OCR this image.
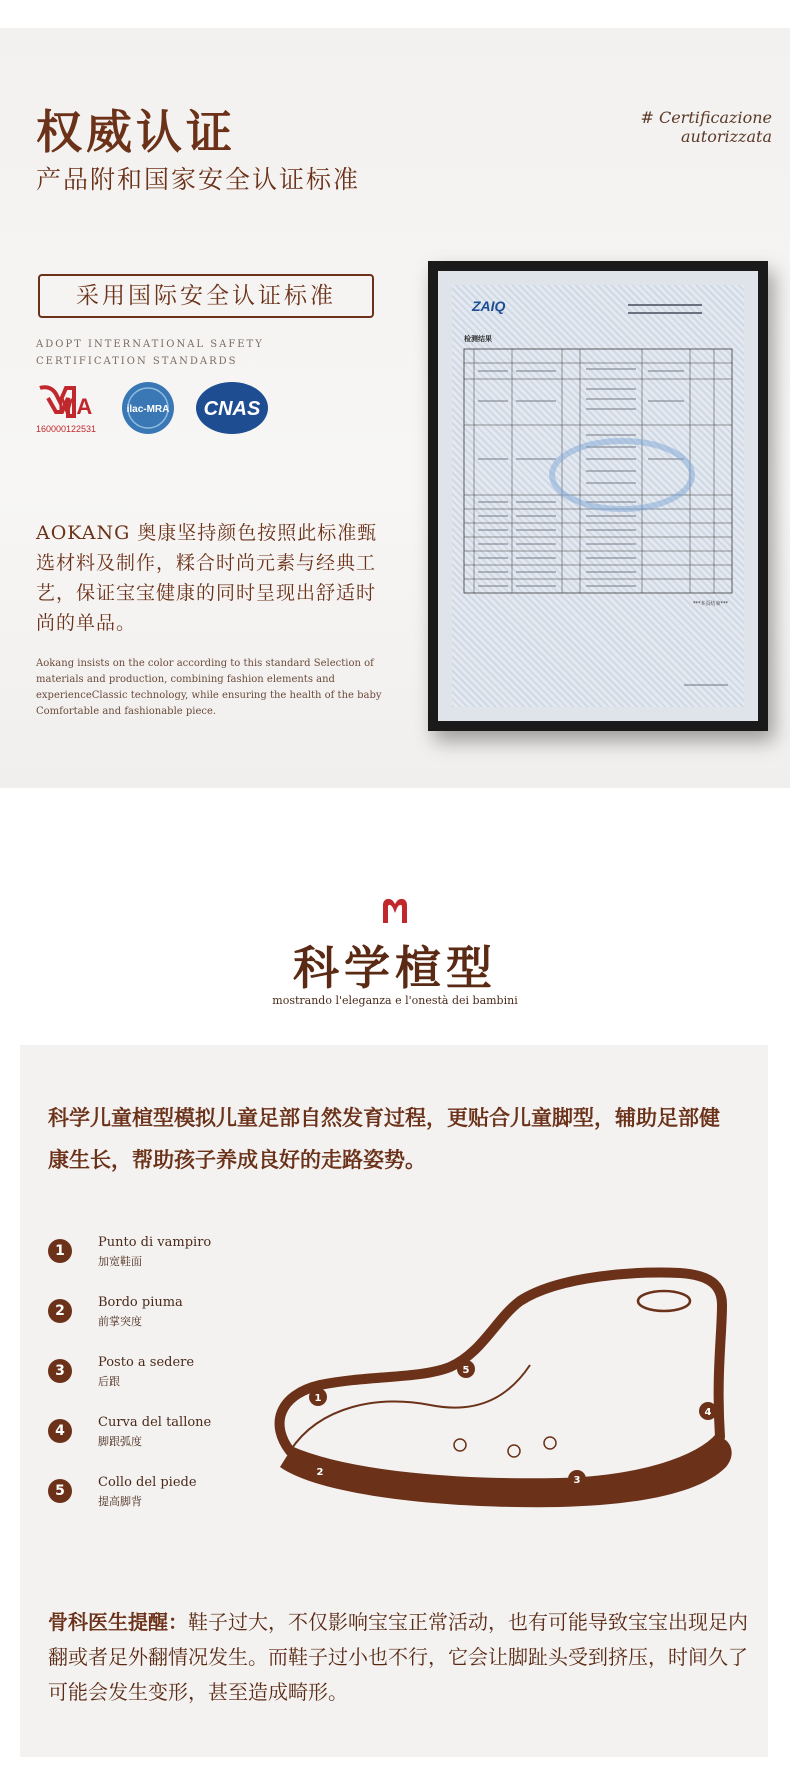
权威认证
产品附和国家安全认证标准
# Certificazione autorizzata
采用国际安全认证标准
ADOPT INTERNATIONAL SAFETY CERTIFICATION STANDARDS
MA
160000122531
ilac-MRA CNAS
AOKANG 奥康坚持颜色按照此标准甄选材料及制作，糅合时尚元素与经典工艺，保证宝宝健康的同时呈现出舒适时尚的单品。
Aokang insists on the color according to this standard Selection of materials and production, combining fashion elements and experienceClassic technology, while ensuring the health of the baby Comfortable and fashionable piece.
ZAIQ
检测结果
***本页结束***
科学楦型
mostrando l'eleganza e l'onestà dei bambini
科学儿童楦型模拟儿童足部自然发育过程，更贴合儿童脚型，辅助足部健康生长，帮助孩子养成良好的走路姿势。
1
Punto di vampiro
加宽鞋面
2
Bordo piuma
前掌突度
3
Posto a sedere
后跟
4
Curva del tallone
脚跟弧度
5
Collo del piede
提高脚背
1
2
3
4
5
骨科医生提醒：鞋子过大，不仅影响宝宝正常活动，也有可能导致宝宝出现足内翻或者足外翻情况发生。而鞋子过小也不行，它会让脚趾头受到挤压，时间久了可能会发生变形，甚至造成畸形。
